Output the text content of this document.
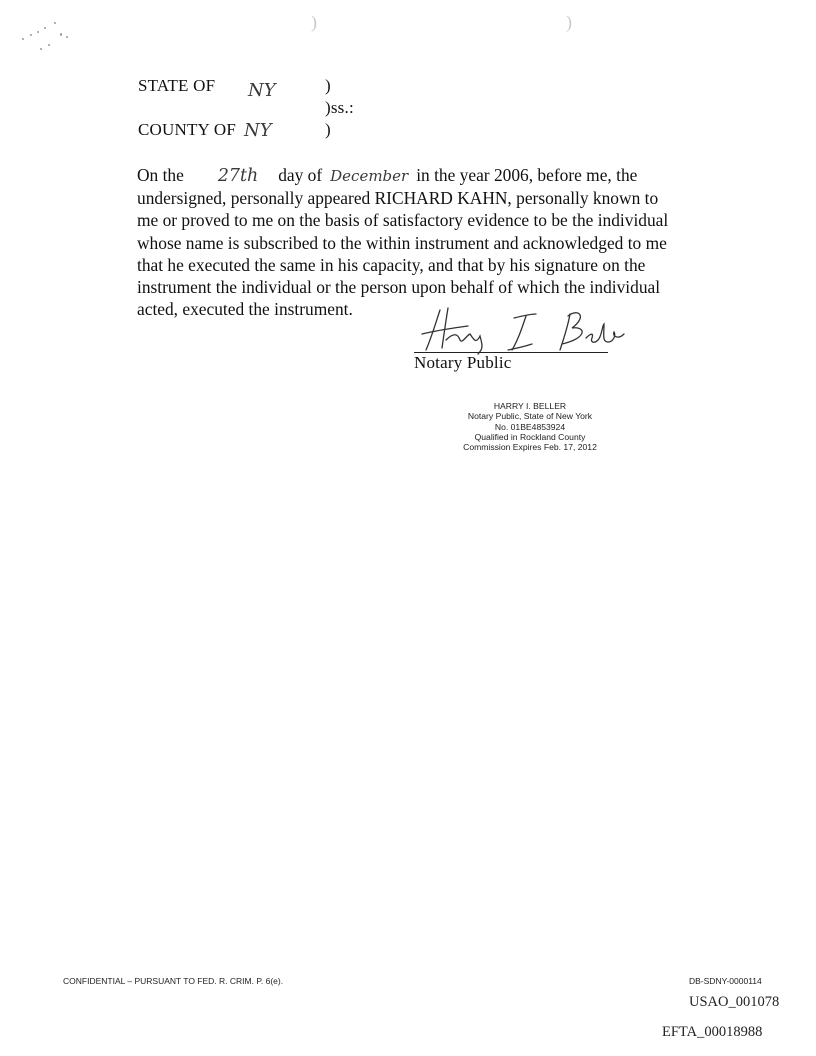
)	)
STATE OF NY	)
)ss.:
COUNTY OF NY	)

On the 27th day of December in the year 2006, before me, the

undersigned, personally appeared RICHARD KAHN, personally known to

me or proved to me on the basis of satisfactory evidence to be the individual

whose name is subscribed to the within instrument and acknowledged to me

that he executed the same in his capacity, and that by his signature on the

instrument the individual or the person upon behalf of which the individual

acted, executed the instrument.

Notary Public
HARRY I. BELLER
Notary Public, State of New York
No. 01BE4853924
Qualified in Rockland County
Commission Expires Feb. 17, 2012
CONFIDENTIAL – PURSUANT TO FED. R. CRIM. P. 6(e).	DB-SDNY-0000114
USAO_001078
EFTA_00018988
